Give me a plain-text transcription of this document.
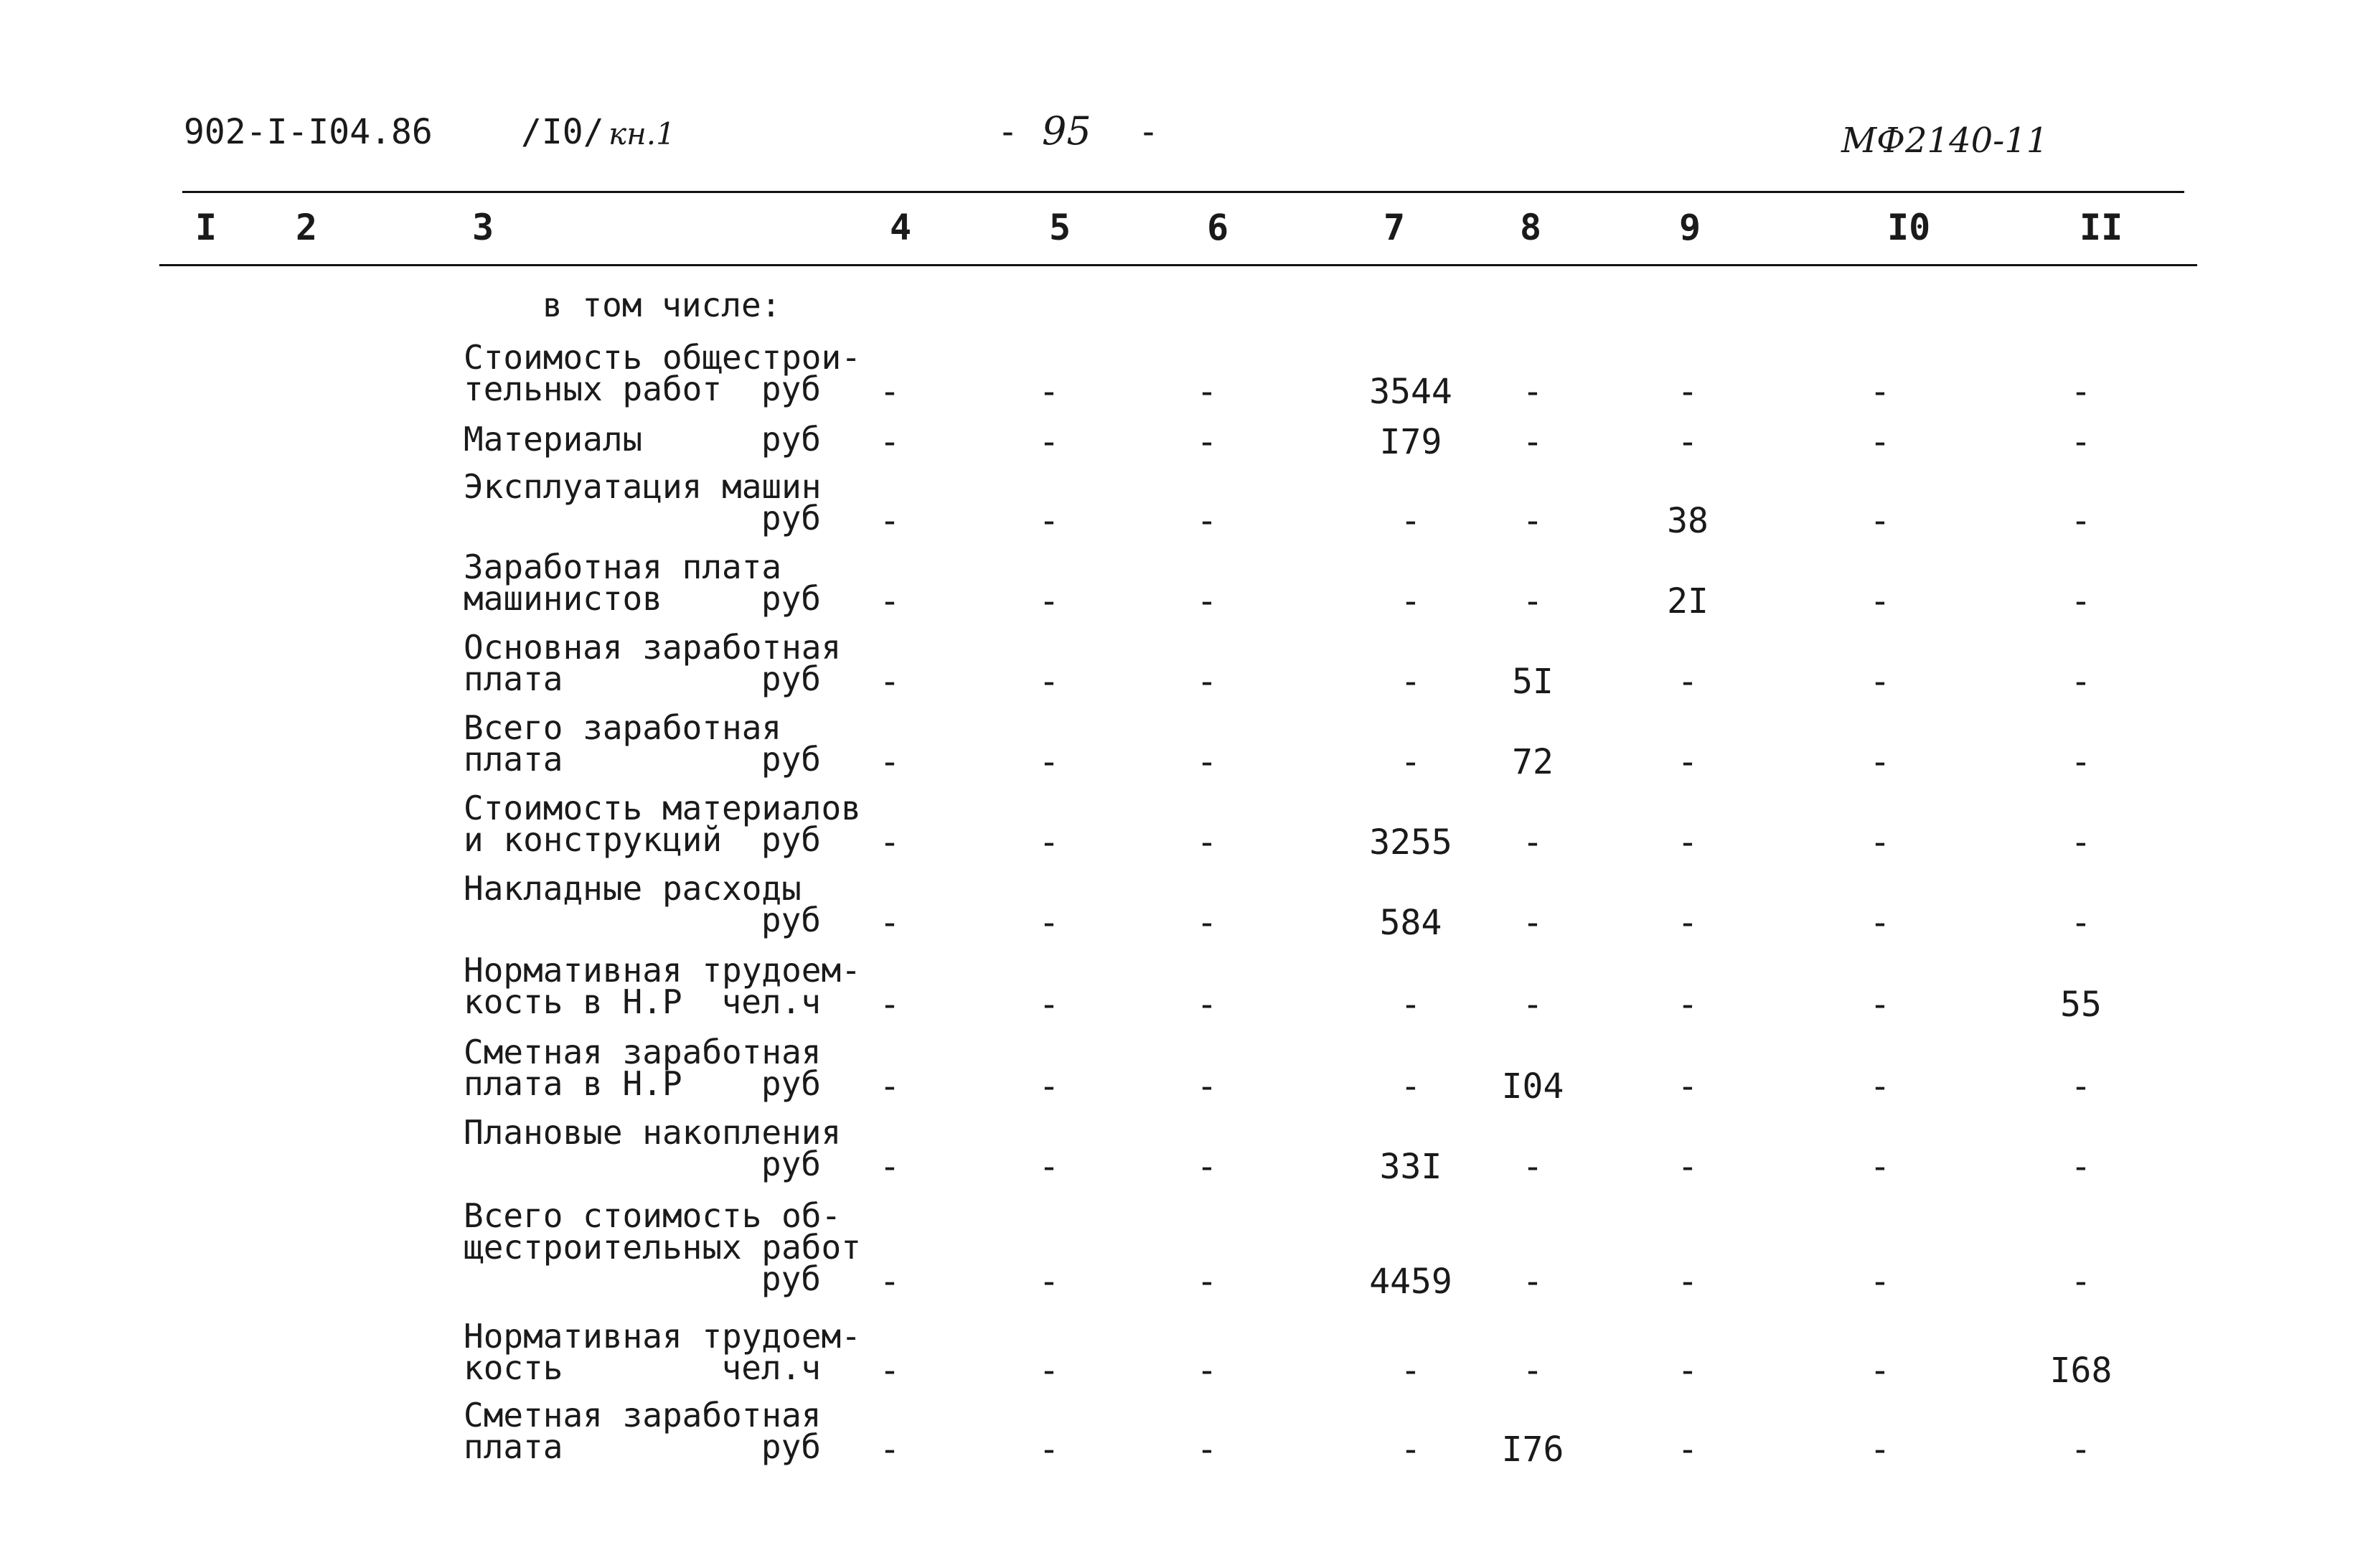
902-I-I04.86	/I0/ кн.1	- 95 -	МФ2140-11
I 2	3	4	5	6	7	8	9	I0	II
в том числе:
Стоимость общестрои-
тельных работ	руб -	-	-	3544 -	-	-	-
Материалы	руб -	-	-	I79 -	-	-	-
Эксплуатация машин
руб -	-	-	-	-	38	-	-
Заработная плата
машинистов	руб -	-	-	-	-	2I	-	-
Основная заработная
плата	руб -	-	-	-	5I	-	-	-
Всего заработная
плата	руб -	-	-	-	72	-	-	-
Стоимость материалов
и конструкций	руб -	-	-	3255 -	-	-	-
Накладные расходы
руб -	-	-	584 -	-	-	-
Нормативная трудоем-
кость в Н.Р	чел.ч -	-	-	-	-	-	-	55
Сметная заработная
плата в Н.Р	руб -	-	-	- I04	-	-	-
Плановые накопления
руб -	-	-	33I -	-	-	-
Всего стоимость об-
щестроительных работ
руб -	-	-	4459 -	-	-	-
Нормативная трудоем-
кость	чел.ч -	-	-	-	-	-	-	I68
Сметная заработная
плата	руб -	-	-	- I76	-	-	-
